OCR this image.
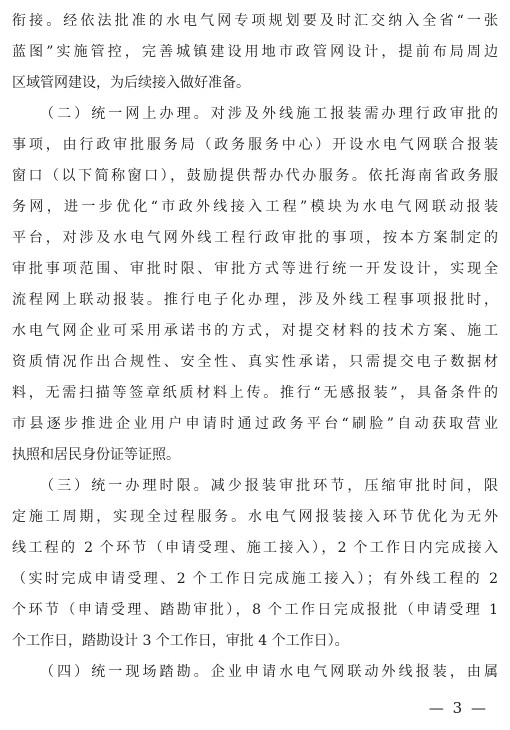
衔接。经依法批准的水电气网专项规划要及时汇交纳入全省“一张
蓝图”实施管控，完善城镇建设用地市政管网设计，提前布局周边
区域管网建设，为后续接入做好准备。
（二）统一网上办理。对涉及外线施工报装需办理行政审批的
事项，由行政审批服务局（政务服务中心）开设水电气网联合报装
窗口（以下简称窗口），鼓励提供帮办代办服务。依托海南省政务服
务网，进一步优化“市政外线接入工程”模块为水电气网联动报装
平台，对涉及水电气网外线工程行政审批的事项，按本方案制定的
审批事项范围、审批时限、审批方式等进行统一开发设计，实现全
流程网上联动报装。推行电子化办理，涉及外线工程事项报批时，
水电气网企业可采用承诺书的方式，对提交材料的技术方案、施工
资质情况作出合规性、安全性、真实性承诺，只需提交电子数据材
料，无需扫描等签章纸质材料上传。推行“无感报装”，具备条件的
市县逐步推进企业用户申请时通过政务平台“刷脸”自动获取营业
执照和居民身份证等证照。
（三）统一办理时限。减少报装审批环节，压缩审批时间，限
定施工周期，实现全过程服务。水电气网报装接入环节优化为无外
线工程的 2 个环节（申请受理、施工接入），2 个工作日内完成接入
（实时完成申请受理、2 个工作日完成施工接入）；有外线工程的 2
个环节（申请受理、踏勘审批），8 个工作日完成报批（申请受理 1
个工作日，踏勘设计 3 个工作日，审批 4 个工作日）。
（四）统一现场踏勘。企业申请水电气网联动外线报装，由属
— 3 —
